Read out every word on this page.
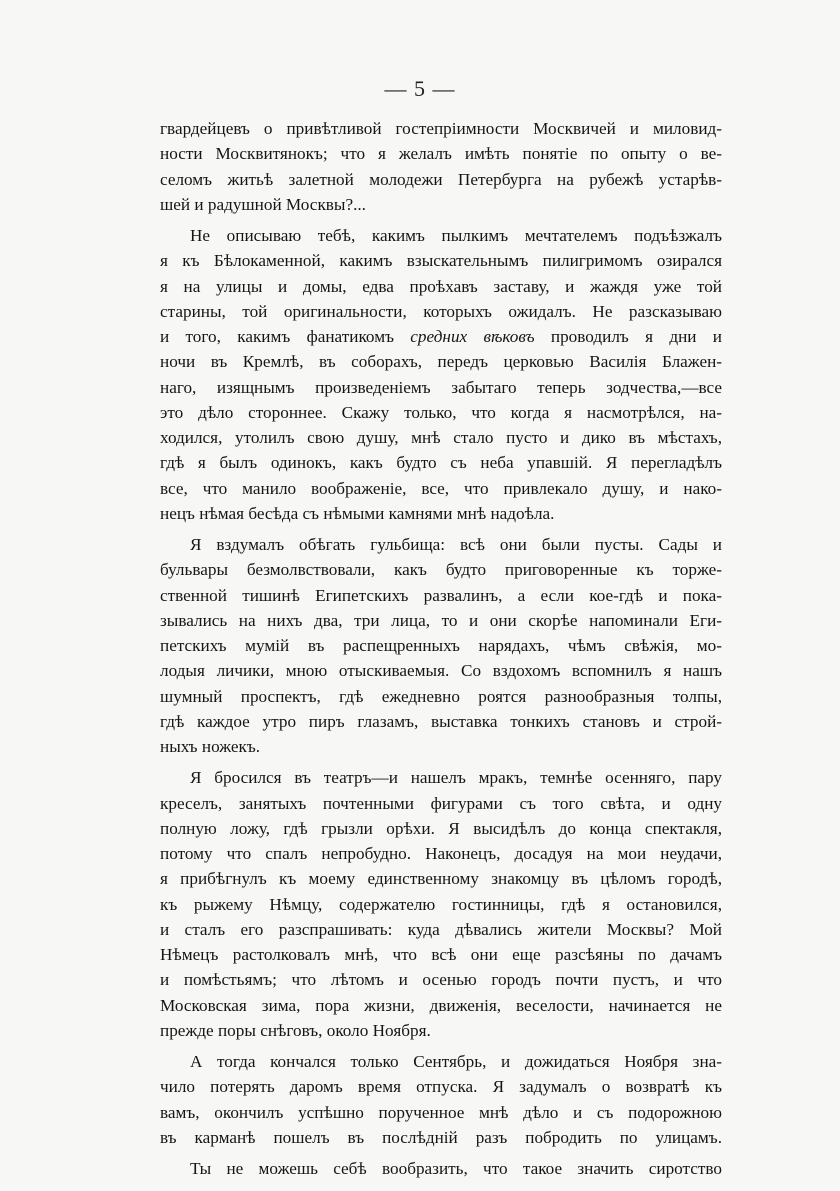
— 5 —
гвардейцевъ о привѣтливой гостепріимности Москвичей и миловид-
ности Москвитянокъ; что я желалъ имѣть понятіе по опыту о ве-
селомъ житьѣ залетной молодежи Петербурга на рубежѣ устарѣв-
шей и радушной Москвы?...
Не описываю тебѣ, какимъ пылкимъ мечтателемъ подъѣзжалъ
я къ Бѣлокаменной, какимъ взыскательнымъ пилигримомъ озирался
я на улицы и домы, едва проѣхавъ заставу, и жаждя уже той
старины, той оригинальности, которыхъ ожидалъ. Не разсказываю
и того, какимъ фанатикомъ средних вѣковъ проводилъ я дни и
ночи въ Кремлѣ, въ соборахъ, передъ церковью Василія Блажен-
наго, изящнымъ произведеніемъ забытаго теперь зодчества,—все
это дѣло стороннее. Скажу только, что когда я насмотрѣлся, на-
ходился, утолилъ свою душу, мнѣ стало пусто и дико въ мѣстахъ,
гдѣ я былъ одинокъ, какъ будто съ неба упавшій. Я перегладѣлъ
все, что манило воображеніе, все, что привлекало душу, и нако-
нецъ нѣмая бесѣда съ нѣмыми камнями мнѣ надоѣла.
Я вздумалъ обѣгать гульбища: всѣ они были пусты. Сады и
бульвары безмолвствовали, какъ будто приговоренные къ торже-
ственной тишинѣ Египетскихъ развалинъ, а если кое-гдѣ и пока-
зывались на нихъ два, три лица, то и они скорѣе напоминали Еги-
петскихъ мумій въ распещренныхъ нарядахъ, чѣмъ свѣжія, мо-
лодыя личики, мною отыскиваемыя. Со вздохомъ вспомнилъ я нашъ
шумный проспектъ, гдѣ ежедневно роятся разнообразныя толпы,
гдѣ каждое утро пиръ глазамъ, выставка тонкихъ становъ и строй-
ныхъ ножекъ.
Я бросился въ театръ—и нашелъ мракъ, темнѣе осенняго, пару
креселъ, занятыхъ почтенными фигурами съ того свѣта, и одну
полную ложу, гдѣ грызли орѣхи. Я высидѣлъ до конца спектакля,
потому что спалъ непробудно. Наконецъ, досадуя на мои неудачи,
я прибѣгнулъ къ моему единственному знакомцу въ цѣломъ городѣ,
къ рыжему Нѣмцу, содержателю гостинницы, гдѣ я остановился,
и сталъ его разспрашивать: куда дѣвались жители Москвы? Мой
Нѣмецъ растолковалъ мнѣ, что всѣ они еще разсѣяны по дачамъ
и помѣстьямъ; что лѣтомъ и осенью городъ почти пустъ, и что
Московская зима, пора жизни, движенія, веселости, начинается не
прежде поры снѣговъ, около Ноября.
А тогда кончался только Сентябрь, и дожидаться Ноября зна-
чило потерять даромъ время отпуска. Я задумалъ о возвратѣ къ
вамъ, окончилъ успѣшно порученное мнѣ дѣло и съ подорожною
въ карманѣ пошелъ въ послѣдній разъ побродить по улицамъ.
Ты не можешь себѣ вообразить, что такое значить сиротство
